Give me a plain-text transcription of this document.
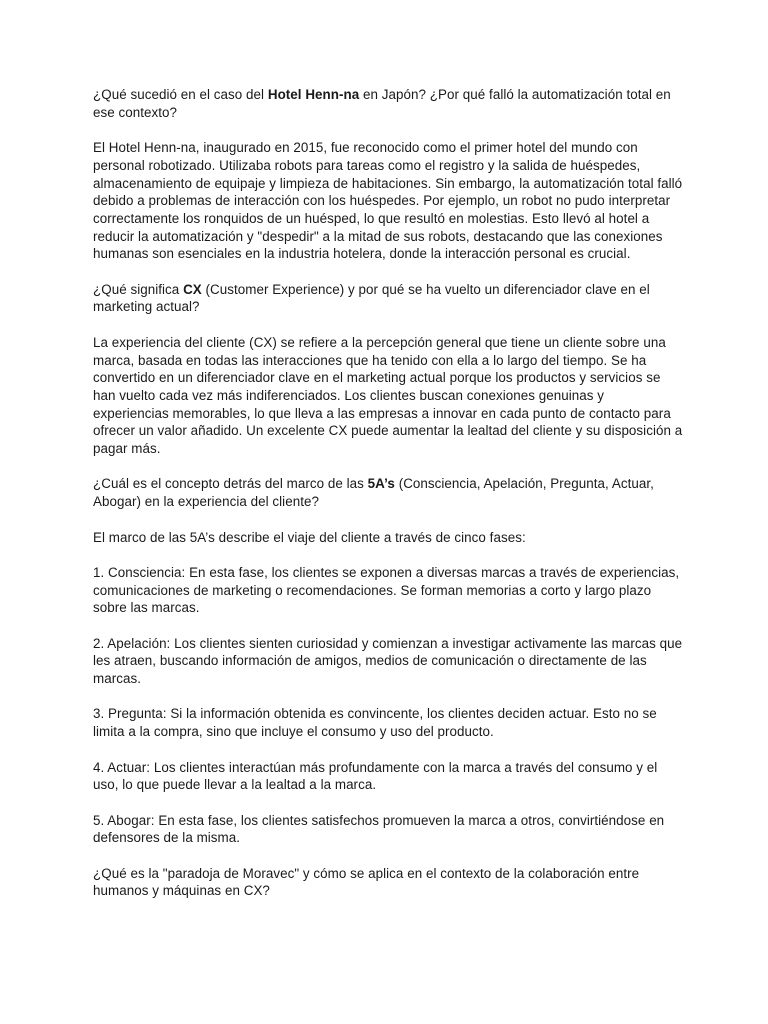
¿Qué sucedió en el caso del Hotel Henn-na en Japón? ¿Por qué falló la automatización total en ese contexto?

El Hotel Henn-na, inaugurado en 2015, fue reconocido como el primer hotel del mundo con personal robotizado. Utilizaba robots para tareas como el registro y la salida de huéspedes, almacenamiento de equipaje y limpieza de habitaciones. Sin embargo, la automatización total falló debido a problemas de interacción con los huéspedes. Por ejemplo, un robot no pudo interpretar correctamente los ronquidos de un huésped, lo que resultó en molestias. Esto llevó al hotel a reducir la automatización y "despedir" a la mitad de sus robots, destacando que las conexiones humanas son esenciales en la industria hotelera, donde la interacción personal es crucial.

¿Qué significa CX (Customer Experience) y por qué se ha vuelto un diferenciador clave en el marketing actual?

La experiencia del cliente (CX) se refiere a la percepción general que tiene un cliente sobre una marca, basada en todas las interacciones que ha tenido con ella a lo largo del tiempo. Se ha convertido en un diferenciador clave en el marketing actual porque los productos y servicios se han vuelto cada vez más indiferenciados. Los clientes buscan conexiones genuinas y experiencias memorables, lo que lleva a las empresas a innovar en cada punto de contacto para ofrecer un valor añadido. Un excelente CX puede aumentar la lealtad del cliente y su disposición a pagar más.

¿Cuál es el concepto detrás del marco de las 5A’s (Consciencia, Apelación, Pregunta, Actuar, Abogar) en la experiencia del cliente?

El marco de las 5A’s describe el viaje del cliente a través de cinco fases:

1. Consciencia: En esta fase, los clientes se exponen a diversas marcas a través de experiencias, comunicaciones de marketing o recomendaciones. Se forman memorias a corto y largo plazo sobre las marcas.

2. Apelación: Los clientes sienten curiosidad y comienzan a investigar activamente las marcas que les atraen, buscando información de amigos, medios de comunicación o directamente de las marcas.

3. Pregunta: Si la información obtenida es convincente, los clientes deciden actuar. Esto no se limita a la compra, sino que incluye el consumo y uso del producto.

4. Actuar: Los clientes interactúan más profundamente con la marca a través del consumo y el uso, lo que puede llevar a la lealtad a la marca.

5. Abogar: En esta fase, los clientes satisfechos promueven la marca a otros, convirtiéndose en defensores de la misma.

¿Qué es la "paradoja de Moravec" y cómo se aplica en el contexto de la colaboración entre humanos y máquinas en CX?
